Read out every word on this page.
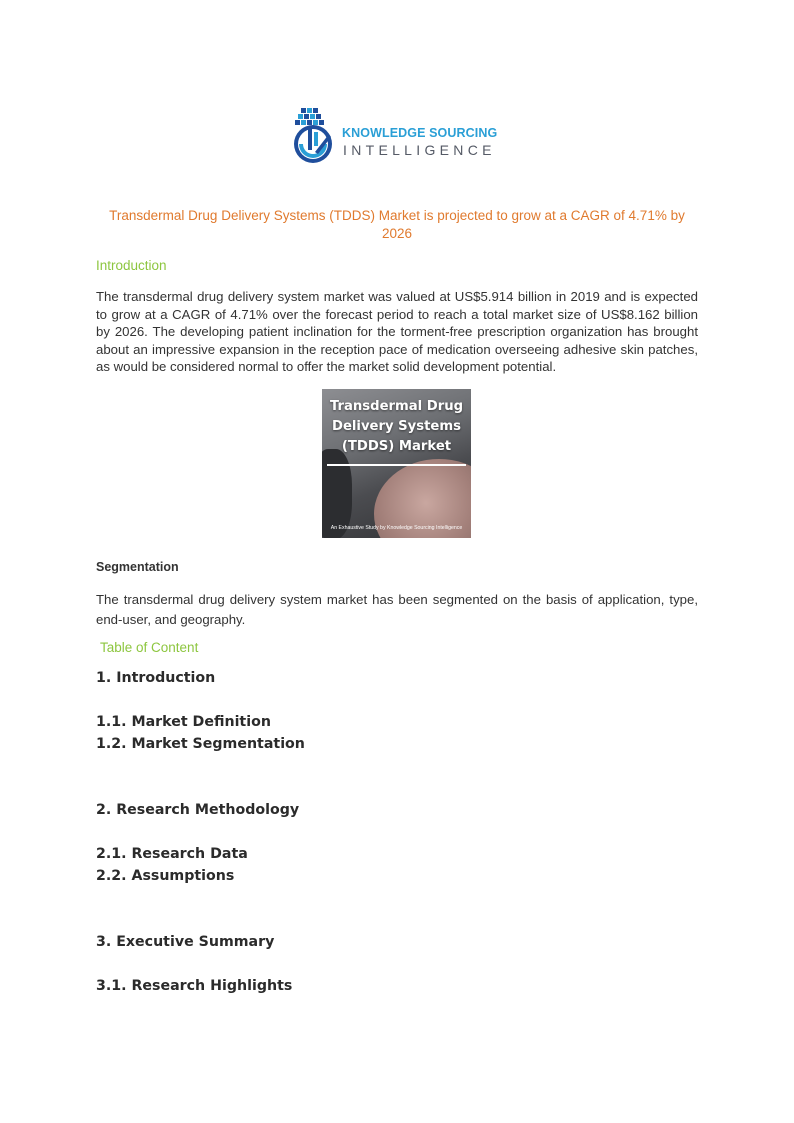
KNOWLEDGE SOURCING
INTELLIGENCE
Transdermal Drug Delivery Systems (TDDS) Market is projected to grow at a CAGR of 4.71% by 2026
Introduction
The transdermal drug delivery system market was valued at US$5.914 billion in 2019 and is expected to grow at a CAGR of 4.71% over the forecast period to reach a total market size of US$8.162 billion by 2026. The developing patient inclination for the torment-free prescription organization has brought about an impressive expansion in the reception pace of medication overseeing adhesive skin patches, as would be considered normal to offer the market solid development potential.
Transdermal Drug
Delivery Systems
(TDDS) Market
An Exhaustive Study by Knowledge Sourcing Intelligence
Segmentation
The transdermal drug delivery system market has been segmented on the basis of application, type, end-user, and geography.
Table of Content
1. Introduction
1.1. Market Definition
1.2. Market Segmentation
2. Research Methodology
2.1. Research Data
2.2. Assumptions
3. Executive Summary
3.1. Research Highlights
